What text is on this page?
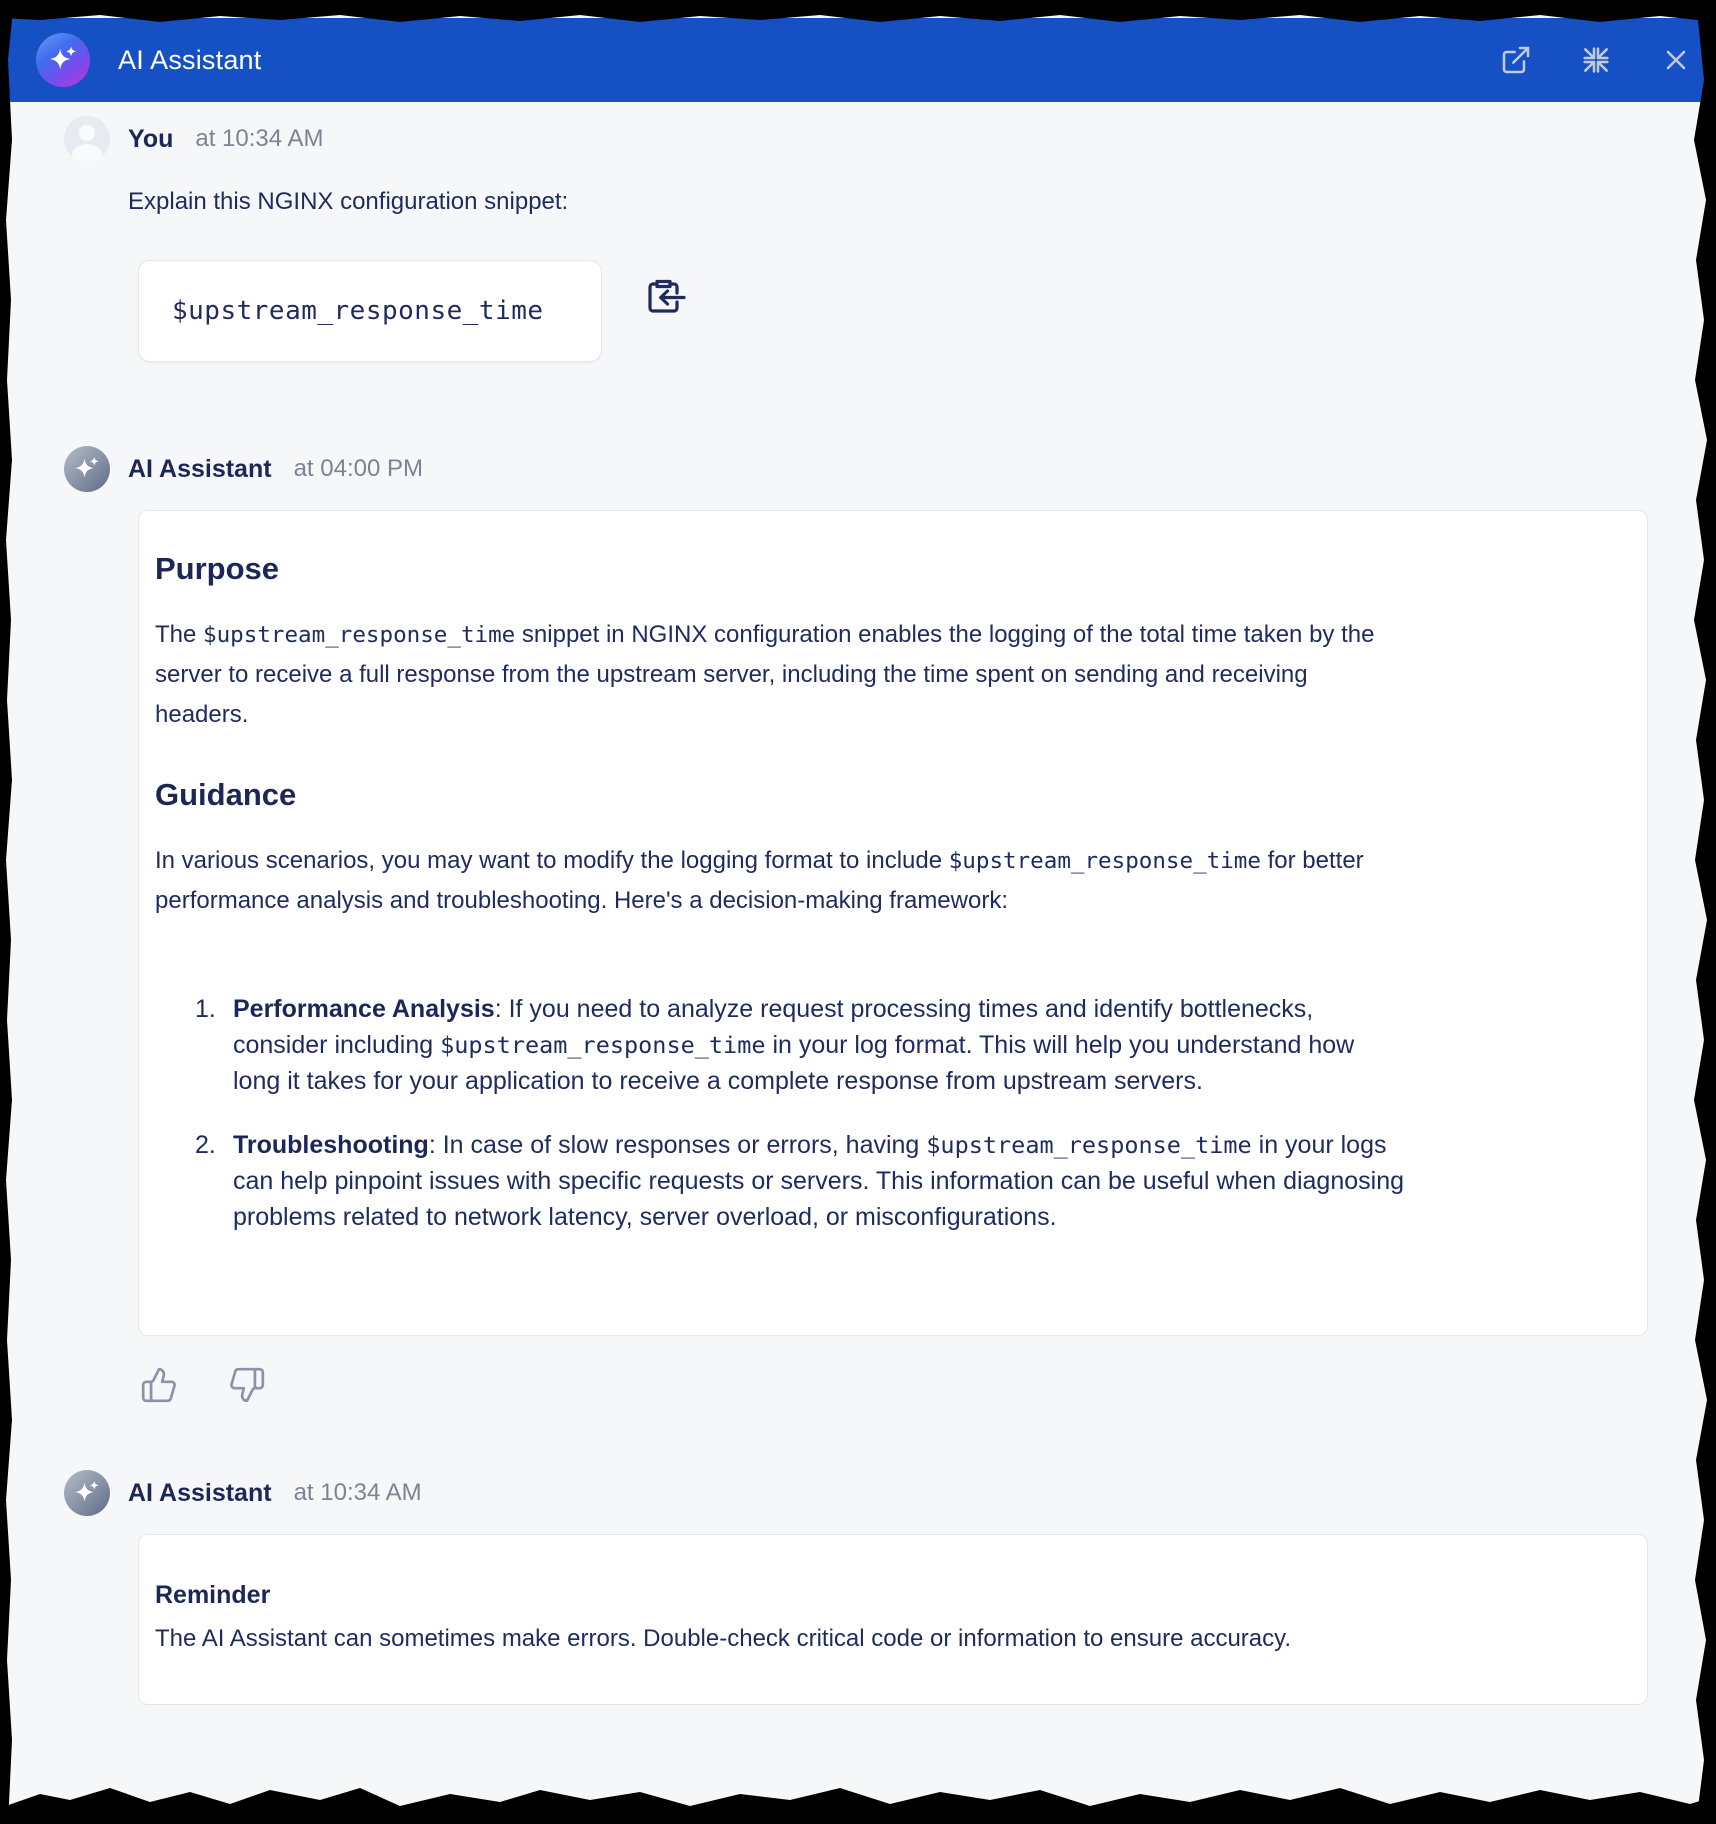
AI Assistant
You at 10:34 AM
Explain this NGINX configuration snippet:
$upstream_response_time
AI Assistant at 04:00 PM
Purpose

The $upstream_response_time snippet in NGINX configuration enables the logging of the total time taken by the server to receive a full response from the upstream server, including the time spent on sending and receiving headers.

Guidance

In various scenarios, you may want to modify the logging format to include $upstream_response_time for better performance analysis and troubleshooting. Here's a decision-making framework:

1. Performance Analysis: If you need to analyze request processing times and identify bottlenecks, consider including $upstream_response_time in your log format. This will help you understand how long it takes for your application to receive a complete response from upstream servers.
2. Troubleshooting: In case of slow responses or errors, having $upstream_response_time in your logs can help pinpoint issues with specific requests or servers. This information can be useful when diagnosing problems related to network latency, server overload, or misconfigurations.
AI Assistant at 10:34 AM
Reminder
The AI Assistant can sometimes make errors. Double-check critical code or information to ensure accuracy.
